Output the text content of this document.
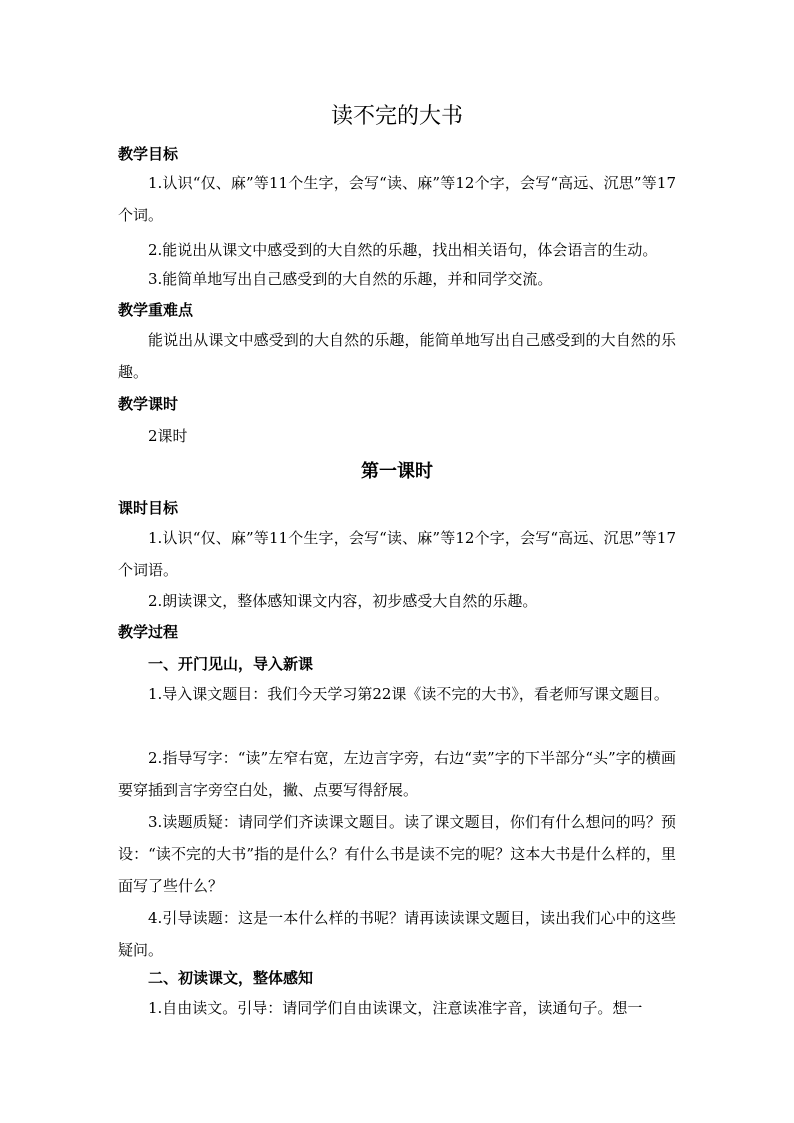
读不完的大书
教学目标
1.认识“仅、麻”等11个生字，会写“读、麻”等12个字，会写“高远、沉思”等17个词。
2.能说出从课文中感受到的大自然的乐趣，找出相关语句，体会语言的生动。
3.能简单地写出自己感受到的大自然的乐趣，并和同学交流。
教学重难点
能说出从课文中感受到的大自然的乐趣，能简单地写出自己感受到的大自然的乐趣。
教学课时
2课时
第一课时
课时目标
1.认识“仅、麻”等11个生字，会写“读、麻”等12个字，会写“高远、沉思”等17个词语。
2.朗读课文，整体感知课文内容，初步感受大自然的乐趣。
教学过程
一、开门见山，导入新课
1.导入课文题目：我们今天学习第22课《读不完的大书》，看老师写课文题目。
2.指导写字：“读”左窄右宽，左边言字旁，右边“卖”字的下半部分“头”字的横画要穿插到言字旁空白处，撇、点要写得舒展。
3.读题质疑：请同学们齐读课文题目。读了课文题目，你们有什么想问的吗？预设：“读不完的大书”指的是什么？有什么书是读不完的呢？这本大书是什么样的，里面写了些什么？
4.引导读题：这是一本什么样的书呢？请再读读课文题目，读出我们心中的这些疑问。
二、初读课文，整体感知
1.自由读文。引导：请同学们自由读课文，注意读准字音，读通句子。想一
